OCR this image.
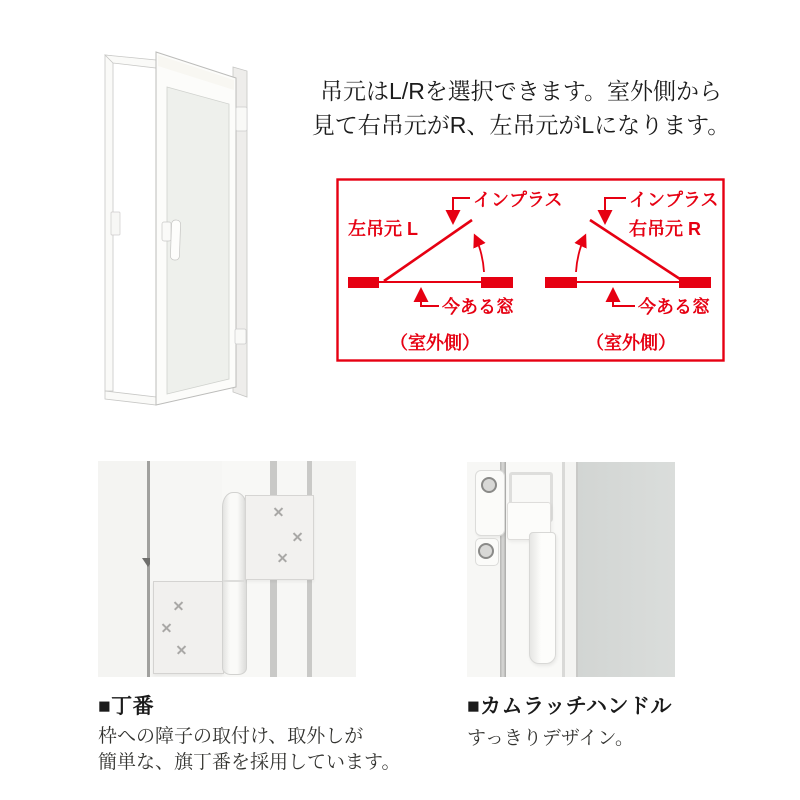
吊元はL/Rを選択できます。室外側から
見て右吊元がR、左吊元がLになります。
左吊元 L
インプラス
今ある窓
（室外側）
インプラス
右吊元 R
今ある窓
（室外側）
■丁番
枠への障子の取付け、取外しが
簡単な、旗丁番を採用しています。
■カムラッチハンドル
すっきりデザイン。
